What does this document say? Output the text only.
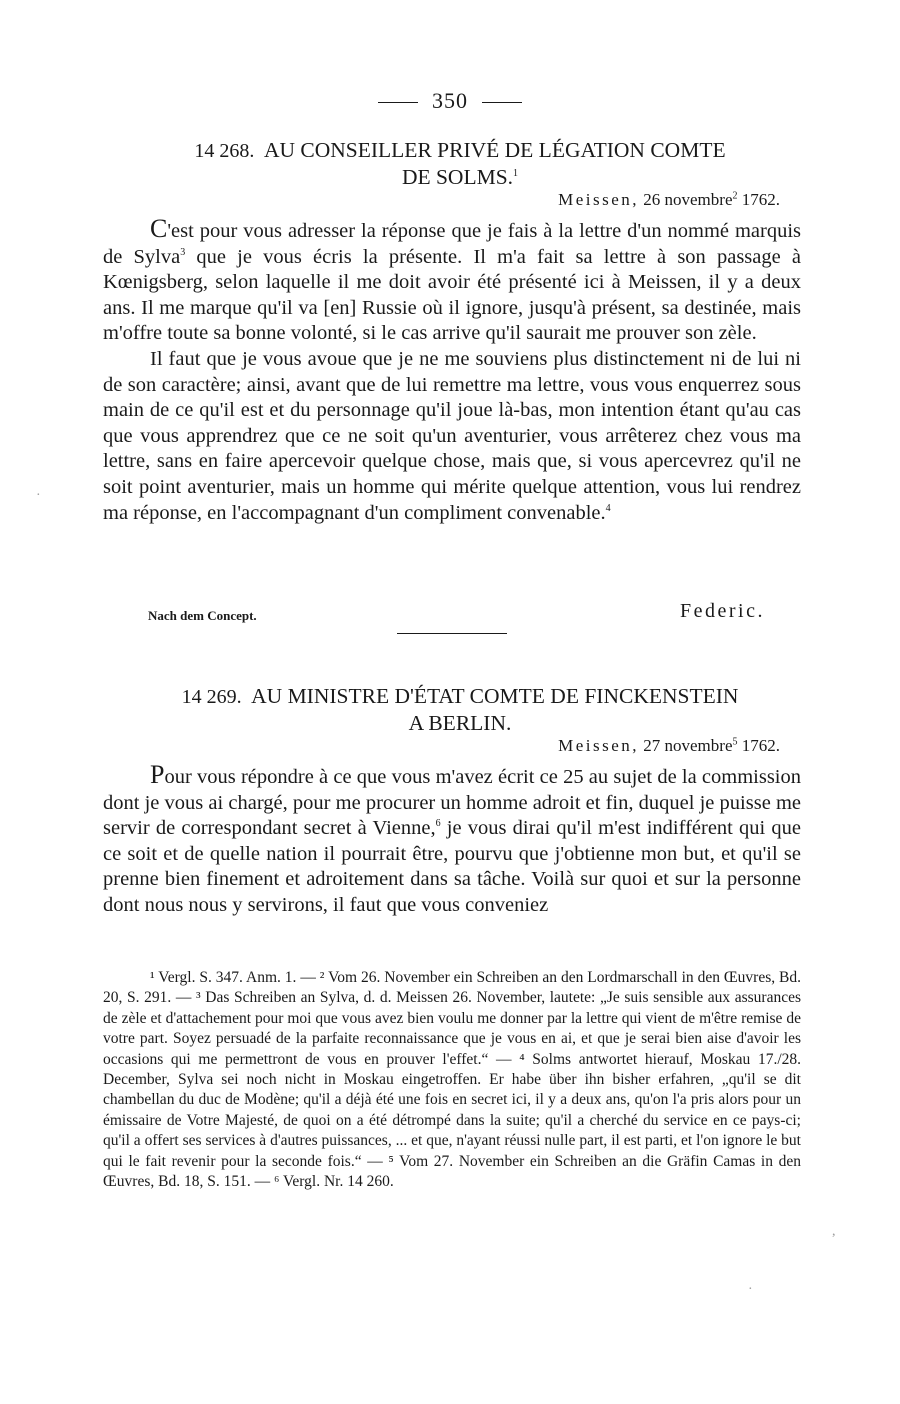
350
14 268. AU CONSEILLER PRIVÉ DE LÉGATION COMTE
DE SOLMS.$^1$
Meissen, 26 novembre$^2$ 1762.

C'est pour vous adresser la réponse que je fais à la lettre d'un nommé marquis de Sylva$^3$ que je vous écris la présente. Il m'a fait sa lettre à son passage à Kœnigsberg, selon laquelle il me doit avoir été présenté ici à Meissen, il y a deux ans. Il me marque qu'il va [en] Russie où il ignore, jusqu'à présent, sa destinée, mais m'offre toute sa bonne volonté, si le cas arrive qu'il saurait me prouver son zèle.

Il faut que je vous avoue que je ne me souviens plus distinctement ni de lui ni de son caractère; ainsi, avant que de lui remettre ma lettre, vous vous enquerrez sous main de ce qu'il est et du personnage qu'il joue là-bas, mon intention étant qu'au cas que vous apprendrez que ce ne soit qu'un aventurier, vous arrêterez chez vous ma lettre, sans en faire apercevoir quelque chose, mais que, si vous apercevrez qu'il ne soit point aventurier, mais un homme qui mérite quelque attention, vous lui rendrez ma réponse, en l'accompagnant d'un compliment convenable.$^4$

Nach dem Concept.	Federic.
14 269. AU MINISTRE D'ÉTAT COMTE DE FINCKENSTEIN
A BERLIN.
Meissen, 27 novembre$^5$ 1762.

Pour vous répondre à ce que vous m'avez écrit ce 25 au sujet de la commission dont je vous ai chargé, pour me procurer un homme adroit et fin, duquel je puisse me servir de correspondant secret à Vienne,$^6$ je vous dirai qu'il m'est indifférent qui que ce soit et de quelle nation il pourrait être, pourvu que j'obtienne mon but, et qu'il se prenne bien finement et adroitement dans sa tâche. Voilà sur quoi et sur la personne dont nous nous y servirons, il faut que vous conveniez

¹ Vergl. S. 347. Anm. 1. — ² Vom 26. November ein Schreiben an den Lordmarschall in den Œuvres, Bd. 20, S. 291. — ³ Das Schreiben an Sylva, d. d. Meissen 26. November, lautete: „Je suis sensible aux assurances de zèle et d'attachement pour moi que vous avez bien voulu me donner par la lettre qui vient de m'être remise de votre part. Soyez persuadé de la parfaite reconnaissance que je vous en ai, et que je serai bien aise d'avoir les occasions qui me permettront de vous en prouver l'effet.“ — ⁴ Solms antwortet hierauf, Moskau 17./28. December, Sylva sei noch nicht in Moskau eingetroffen. Er habe über ihn bisher erfahren, „qu'il se dit chambellan du duc de Modène; qu'il a déjà été une fois en secret ici, il y a deux ans, qu'on l'a pris alors pour un émissaire de Votre Majesté, de quoi on a été détrompé dans la suite; qu'il a cherché du service en ce pays-ci; qu'il a offert ses services à d'autres puissances, ... et que, n'ayant réussi nulle part, il est parti, et l'on ignore le but qui le fait revenir pour la seconde fois.“ — ⁵ Vom 27. November ein Schreiben an die Gräfin Camas in den Œuvres, Bd. 18, S. 151. — ⁶ Vergl. Nr. 14 260.

·
,
·
